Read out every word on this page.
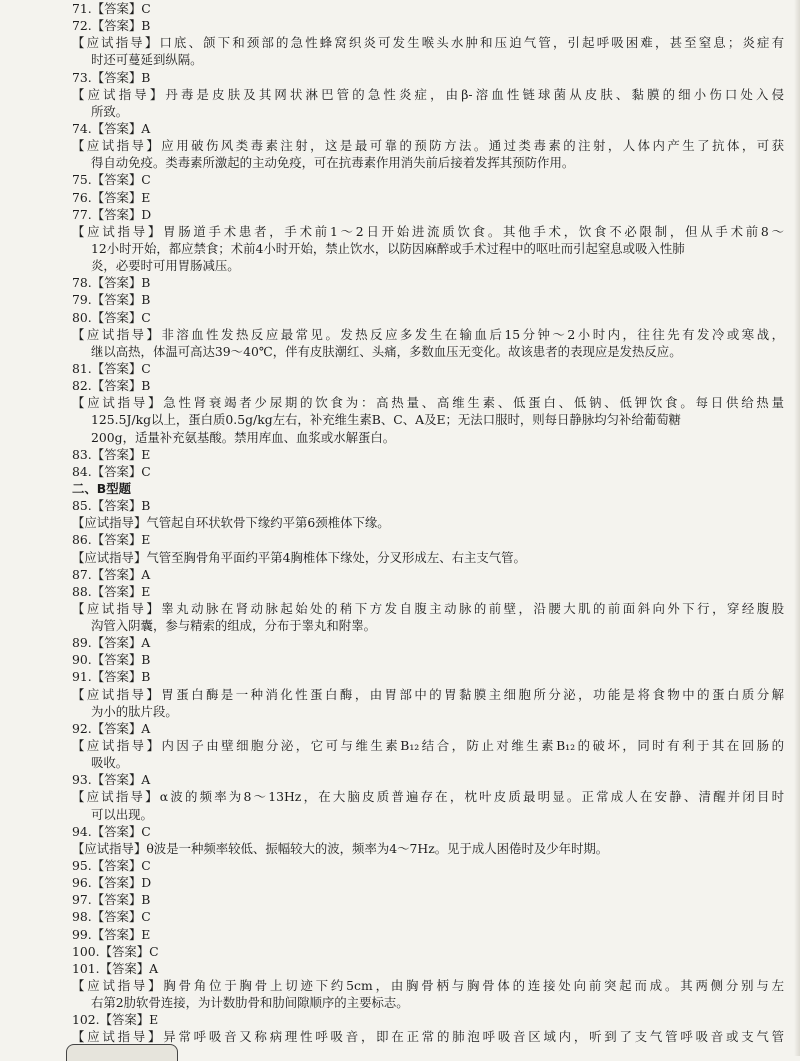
71.【答案】C
72.【答案】B
【应试指导】口底、颌下和颈部的急性蜂窝织炎可发生喉头水肿和压迫气管，引起呼吸困难，甚至窒息；炎症有
时还可蔓延到纵隔。
73.【答案】B
【应试指导】丹毒是皮肤及其网状淋巴管的急性炎症，由β-溶血性链球菌从皮肤、黏膜的细小伤口处入侵
所致。
74.【答案】A
【应试指导】应用破伤风类毒素注射，这是最可靠的预防方法。通过类毒素的注射，人体内产生了抗体，可获
得自动免疫。类毒素所激起的主动免疫，可在抗毒素作用消失前后接着发挥其预防作用。
75.【答案】C
76.【答案】E
77.【答案】D
【应试指导】胃肠道手术患者，手术前1～2日开始进流质饮食。其他手术，饮食不必限制，但从手术前8～
12小时开始，都应禁食；术前4小时开始，禁止饮水，以防因麻醉或手术过程中的呕吐而引起窒息或吸入性肺
炎，必要时可用胃肠减压。
78.【答案】B
79.【答案】B
80.【答案】C
【应试指导】非溶血性发热反应最常见。发热反应多发生在输血后15分钟～2小时内，往往先有发冷或寒战，
继以高热，体温可高达39～40℃，伴有皮肤潮红、头痛，多数血压无变化。故该患者的表现应是发热反应。
81.【答案】C
82.【答案】B
【应试指导】急性肾衰竭者少尿期的饮食为：高热量、高维生素、低蛋白、低钠、低钾饮食。每日供给热量
125.5J/kg以上，蛋白质0.5g/kg左右，补充维生素B、C、A及E；无法口服时，则每日静脉均匀补给葡萄糖
200g，适量补充氨基酸。禁用库血、血浆或水解蛋白。
83.【答案】E
84.【答案】C
二、B型题
85.【答案】B
【应试指导】气管起自环状软骨下缘约平第6颈椎体下缘。
86.【答案】E
【应试指导】气管至胸骨角平面约平第4胸椎体下缘处，分叉形成左、右主支气管。
87.【答案】A
88.【答案】E
【应试指导】睾丸动脉在肾动脉起始处的稍下方发自腹主动脉的前壁，沿腰大肌的前面斜向外下行，穿经腹股
沟管入阴囊，参与精索的组成，分布于睾丸和附睾。
89.【答案】A
90.【答案】B
91.【答案】B
【应试指导】胃蛋白酶是一种消化性蛋白酶，由胃部中的胃黏膜主细胞所分泌，功能是将食物中的蛋白质分解
为小的肽片段。
92.【答案】A
【应试指导】内因子由壁细胞分泌，它可与维生素B₁₂结合，防止对维生素B₁₂的破坏，同时有利于其在回肠的
吸收。
93.【答案】A
【应试指导】α波的频率为8～13Hz，在大脑皮质普遍存在，枕叶皮质最明显。正常成人在安静、清醒并闭目时
可以出现。
94.【答案】C
【应试指导】θ波是一种频率较低、振幅较大的波，频率为4～7Hz。见于成人困倦时及少年时期。
95.【答案】C
96.【答案】D
97.【答案】B
98.【答案】C
99.【答案】E
100.【答案】C
101.【答案】A
【应试指导】胸骨角位于胸骨上切迹下约5cm，由胸骨柄与胸骨体的连接处向前突起而成。其两侧分别与左
右第2肋软骨连接，为计数肋骨和肋间隙顺序的主要标志。
102.【答案】E
【应试指导】异常呼吸音又称病理性呼吸音，即在正常的肺泡呼吸音区域内，听到了支气管呼吸音或支气管
